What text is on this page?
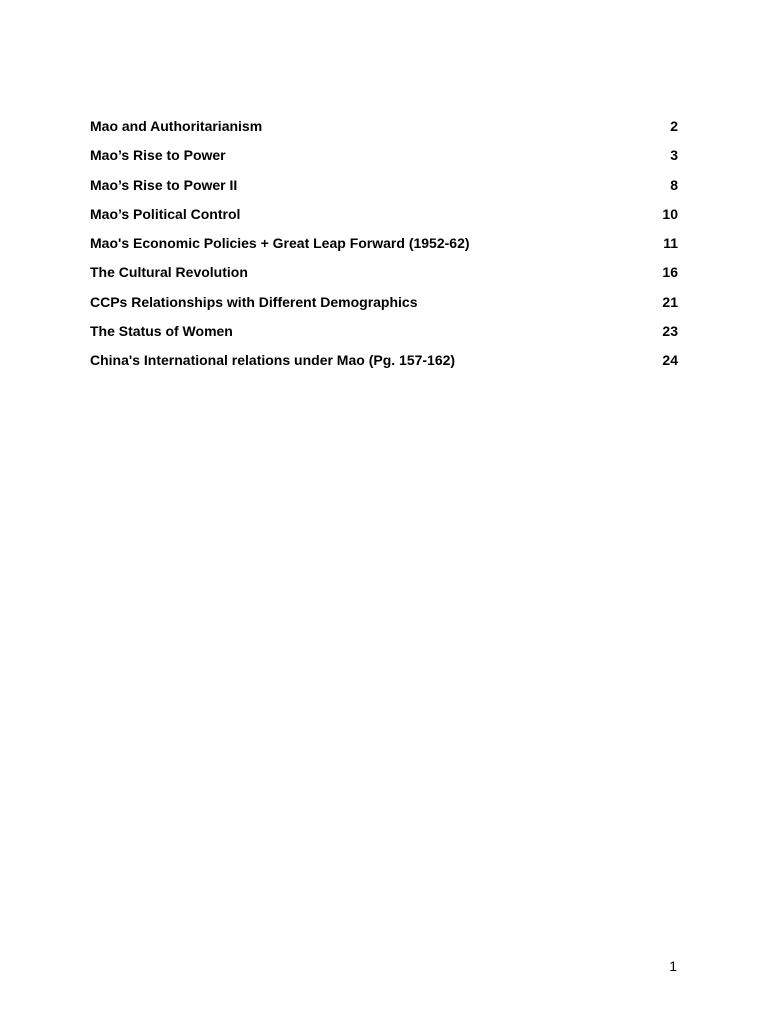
Mao and Authoritarianism	2
Mao’s Rise to Power	3
Mao’s Rise to Power II	8
Mao’s Political Control	10
Mao's Economic Policies + Great Leap Forward (1952-62)	11
The Cultural Revolution	16
CCPs Relationships with Different Demographics	21
The Status of Women	23
China's International relations under Mao (Pg. 157-162)	24
1
